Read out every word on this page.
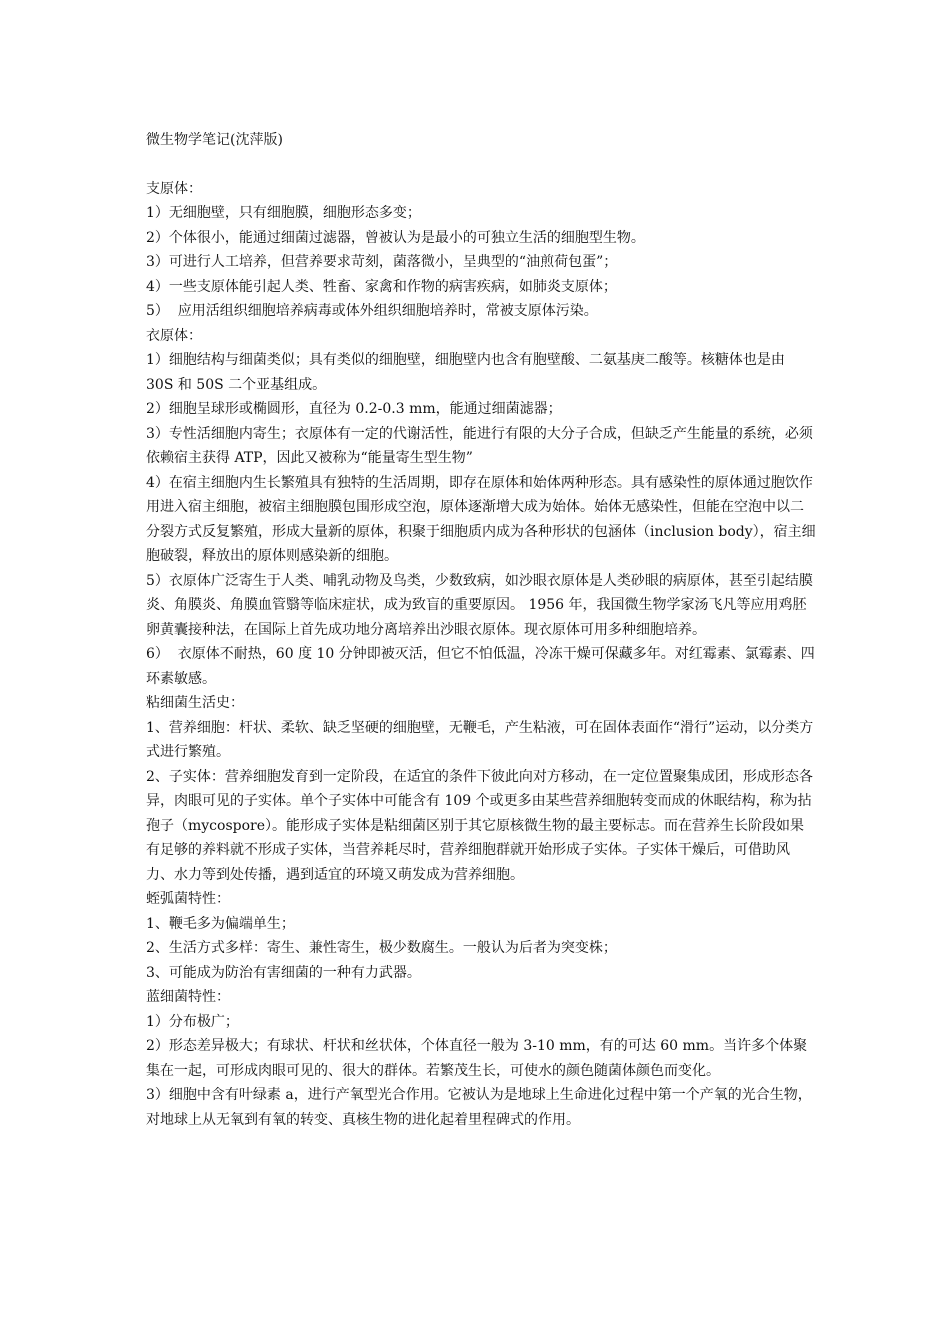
微生物学笔记(沈萍版)

支原体：

1）无细胞壁，只有细胞膜，细胞形态多变；

2）个体很小，能通过细菌过滤器，曾被认为是最小的可独立生活的细胞型生物。

3）可进行人工培养，但营养要求苛刻，菌落微小，呈典型的“油煎荷包蛋”；

4）一些支原体能引起人类、牲畜、家禽和作物的病害疾病，如肺炎支原体；

5）  应用活组织细胞培养病毒或体外组织细胞培养时，常被支原体污染。

衣原体：

1）细胞结构与细菌类似；具有类似的细胞壁，细胞壁内也含有胞壁酸、二氨基庚二酸等。核糖体也是由 30S 和 50S 二个亚基组成。

2）细胞呈球形或椭圆形，直径为 0.2-0.3 mm，能通过细菌滤器；

3）专性活细胞内寄生；衣原体有一定的代谢活性，能进行有限的大分子合成，但缺乏产生能量的系统，必须依赖宿主获得 ATP，因此又被称为“能量寄生型生物”

4）在宿主细胞内生长繁殖具有独特的生活周期，即存在原体和始体两种形态。具有感染性的原体通过胞饮作用进入宿主细胞，被宿主细胞膜包围形成空泡，原体逐渐增大成为始体。始体无感染性，但能在空泡中以二分裂方式反复繁殖，形成大量新的原体，积聚于细胞质内成为各种形状的包涵体（inclusion body），宿主细胞破裂，释放出的原体则感染新的细胞。

5）衣原体广泛寄生于人类、哺乳动物及鸟类，少数致病，如沙眼衣原体是人类砂眼的病原体，甚至引起结膜炎、角膜炎、角膜血管翳等临床症状，成为致盲的重要原因。 1956 年，我国微生物学家汤飞凡等应用鸡胚卵黄囊接种法，在国际上首先成功地分离培养出沙眼衣原体。现衣原体可用多种细胞培养。

6）  衣原体不耐热，60 度 10 分钟即被灭活，但它不怕低温，冷冻干燥可保藏多年。对红霉素、氯霉素、四环素敏感。

粘细菌生活史：

1、营养细胞：杆状、柔软、缺乏坚硬的细胞壁，无鞭毛，产生粘液，可在固体表面作“滑行”运动，以分类方式进行繁殖。

2、子实体：营养细胞发育到一定阶段，在适宜的条件下彼此向对方移动，在一定位置聚集成团，形成形态各异，肉眼可见的子实体。单个子实体中可能含有 109 个或更多由某些营养细胞转变而成的休眠结构，称为拈孢子（mycospore）。能形成子实体是粘细菌区别于其它原核微生物的最主要标志。而在营养生长阶段如果有足够的养料就不形成子实体，当营养耗尽时，营养细胞群就开始形成子实体。子实体干燥后，可借助风力、水力等到处传播，遇到适宜的环境又萌发成为营养细胞。

蛭弧菌特性：

1、鞭毛多为偏端单生；

2、生活方式多样：寄生、兼性寄生，极少数腐生。一般认为后者为突变株；

3、可能成为防治有害细菌的一种有力武器。

蓝细菌特性：

1）分布极广；

2）形态差异极大；有球状、杆状和丝状体，个体直径一般为 3-10 mm，有的可达 60 mm。当许多个体聚集在一起，可形成肉眼可见的、很大的群体。若繁茂生长，可使水的颜色随菌体颜色而变化。

3）细胞中含有叶绿素 a，进行产氧型光合作用。它被认为是地球上生命进化过程中第一个产氧的光合生物，对地球上从无氧到有氧的转变、真核生物的进化起着里程碑式的作用。
